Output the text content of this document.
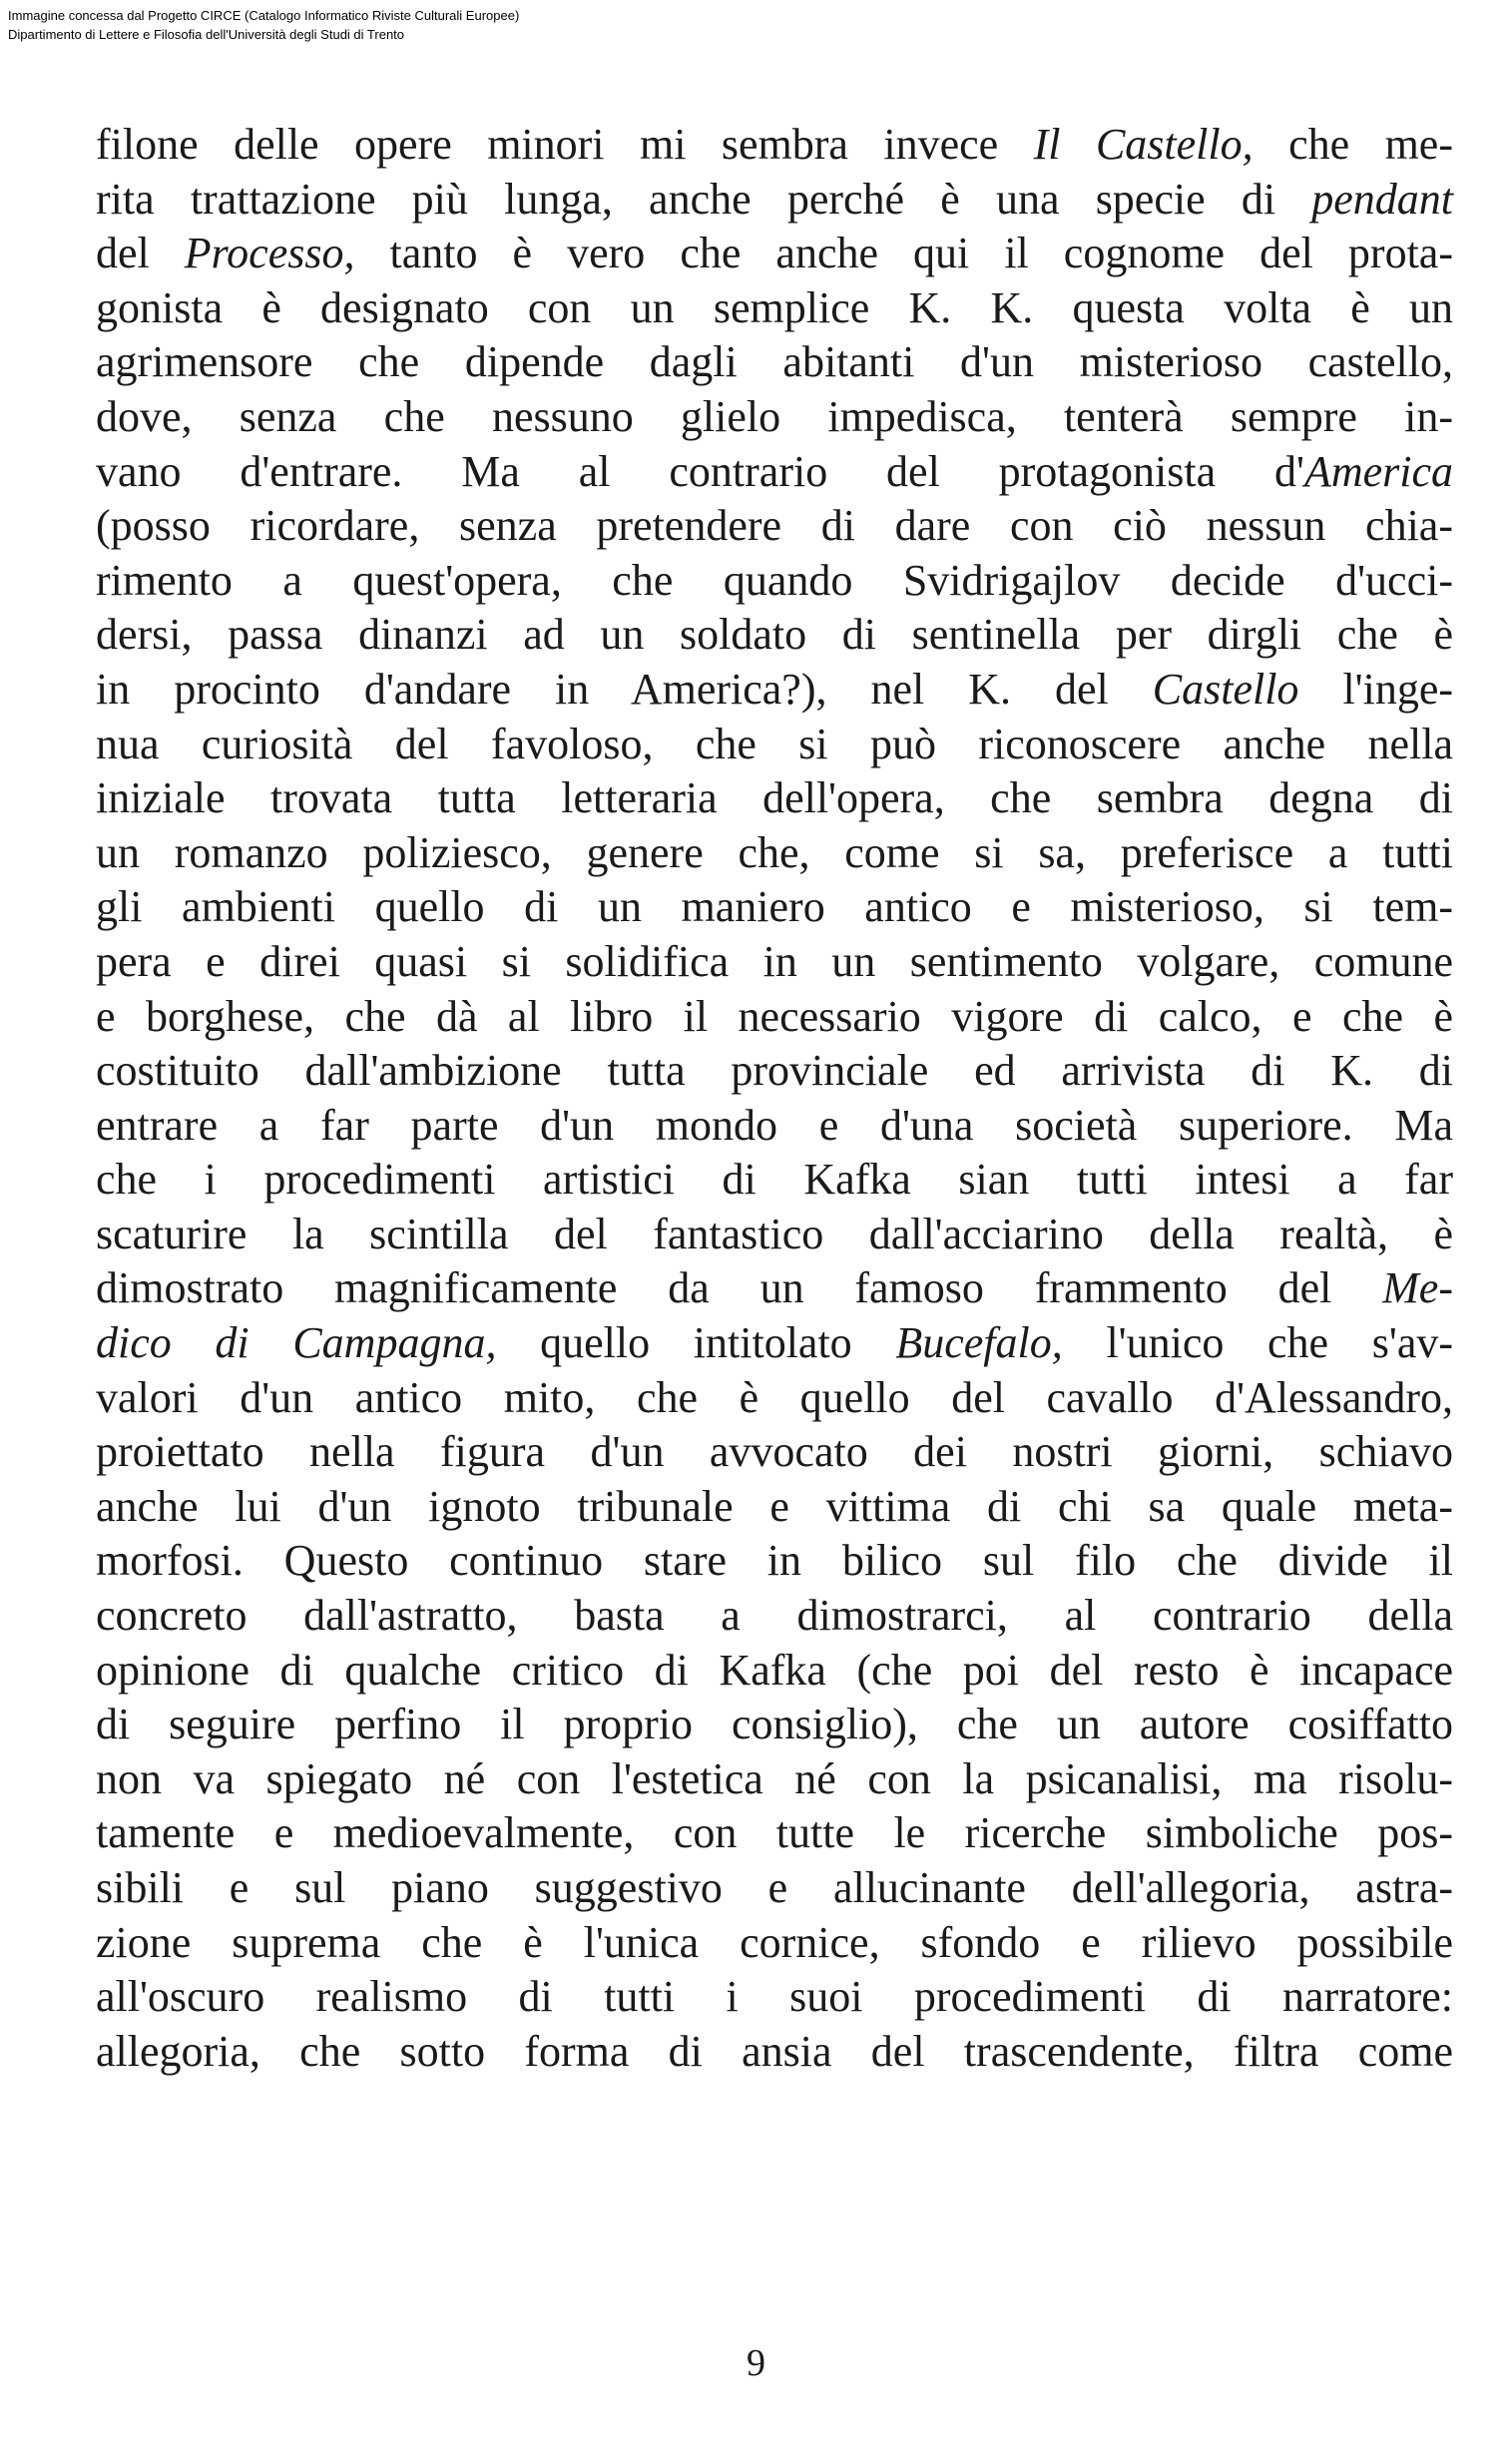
Immagine concessa dal Progetto CIRCE (Catalogo Informatico Riviste Culturali Europee)
Dipartimento di Lettere e Filosofia dell'Università degli Studi di Trento
filone delle opere minori mi sembra invece Il Castello, che me-
rita trattazione più lunga, anche perché è una specie di pendant
del Processo, tanto è vero che anche qui il cognome del prota-
gonista è designato con un semplice K. K. questa volta è un
agrimensore che dipende dagli abitanti d'un misterioso castello,
dove, senza che nessuno glielo impedisca, tenterà sempre in-
vano d'entrare. Ma al contrario del protagonista d'America
(posso ricordare, senza pretendere di dare con ciò nessun chia-
rimento a quest'opera, che quando Svidrigajlov decide d'ucci-
dersi, passa dinanzi ad un soldato di sentinella per dirgli che è
in procinto d'andare in America?), nel K. del Castello l'inge-
nua curiosità del favoloso, che si può riconoscere anche nella
iniziale trovata tutta letteraria dell'opera, che sembra degna di
un romanzo poliziesco, genere che, come si sa, preferisce a tutti
gli ambienti quello di un maniero antico e misterioso, si tem-
pera e direi quasi si solidifica in un sentimento volgare, comune
e borghese, che dà al libro il necessario vigore di calco, e che è
costituito dall'ambizione tutta provinciale ed arrivista di K. di
entrare a far parte d'un mondo e d'una società superiore. Ma
che i procedimenti artistici di Kafka sian tutti intesi a far
scaturire la scintilla del fantastico dall'acciarino della realtà, è
dimostrato magnificamente da un famoso frammento del Me-
dico di Campagna, quello intitolato Bucefalo, l'unico che s'av-
valori d'un antico mito, che è quello del cavallo d'Alessandro,
proiettato nella figura d'un avvocato dei nostri giorni, schiavo
anche lui d'un ignoto tribunale e vittima di chi sa quale meta-
morfosi. Questo continuo stare in bilico sul filo che divide il
concreto dall'astratto, basta a dimostrarci, al contrario della
opinione di qualche critico di Kafka (che poi del resto è incapace
di seguire perfino il proprio consiglio), che un autore cosiffatto
non va spiegato né con l'estetica né con la psicanalisi, ma risolu-
tamente e medioevalmente, con tutte le ricerche simboliche pos-
sibili e sul piano suggestivo e allucinante dell'allegoria, astra-
zione suprema che è l'unica cornice, sfondo e rilievo possibile
all'oscuro realismo di tutti i suoi procedimenti di narratore:
allegoria, che sotto forma di ansia del trascendente, filtra come
9
